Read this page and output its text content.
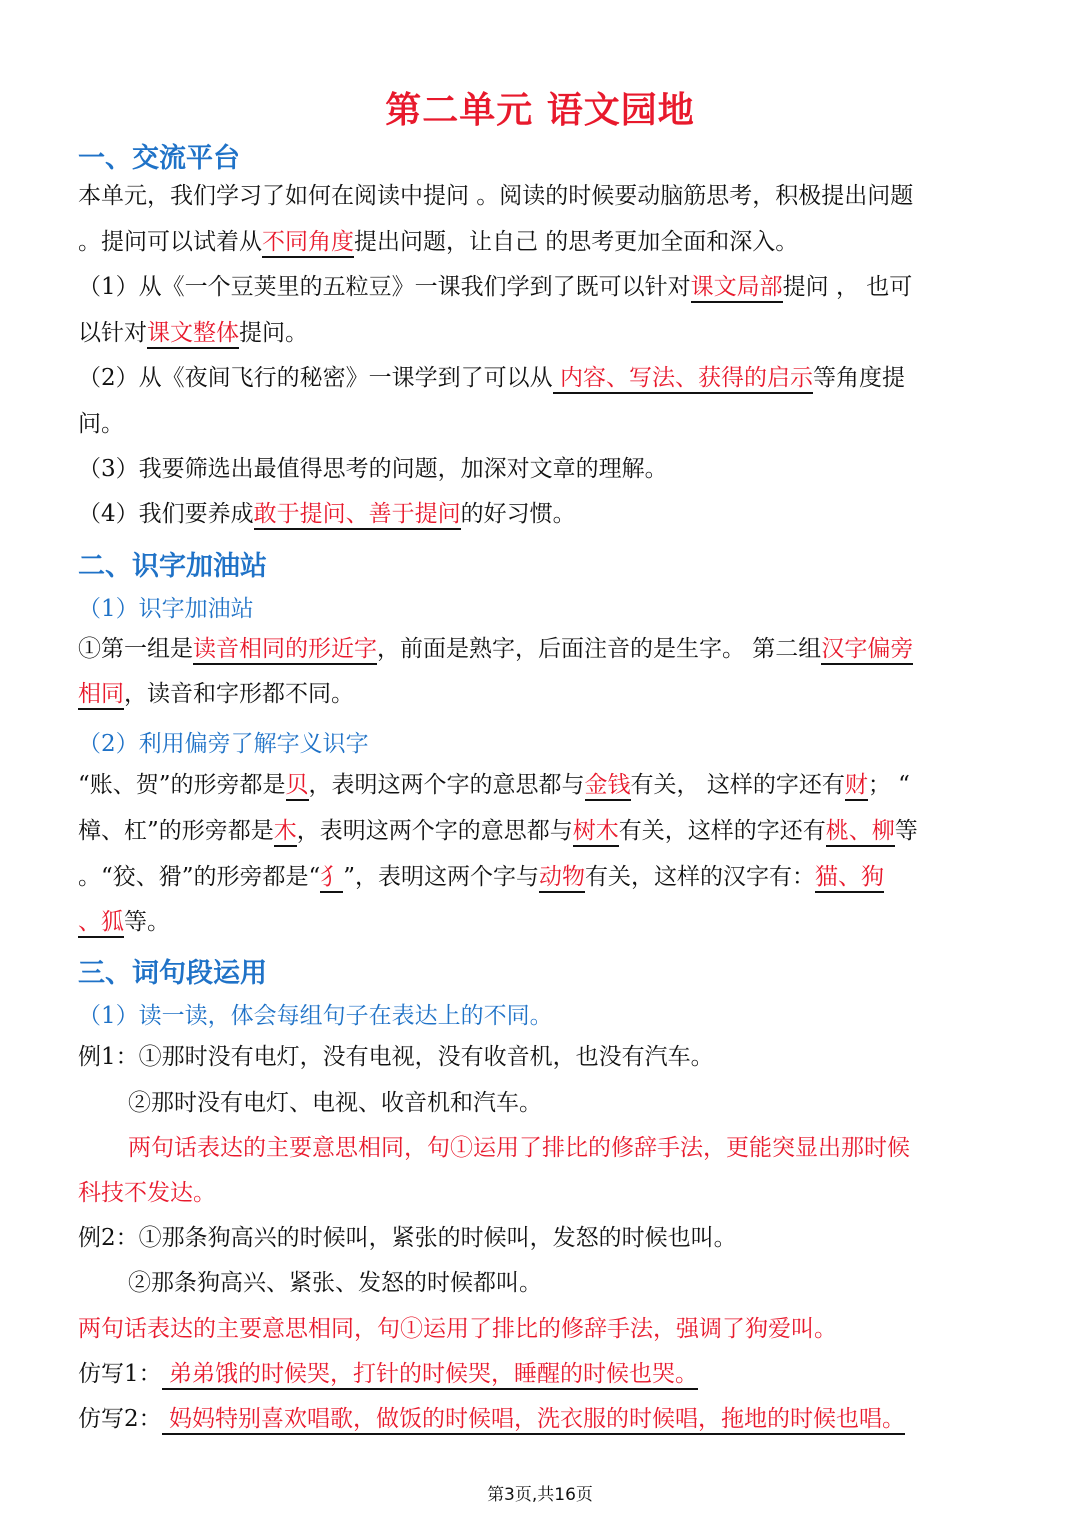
第二单元 语文园地
一、交流平台

本单元，我们学习了如何在阅读中提问 。阅读的时候要动脑筋思考，积极提出问题

。提问可以试着从不同角度提出问题，让自己 的思考更加全面和深入。

（1）从《一个豆荚里的五粒豆》一课我们学到了既可以针对课文局部提问 ， 也可

以针对课文整体提问。

（2）从《夜间飞行的秘密》一课学到了可以从 内容、写法、获得的启示等角度提

问。

（3）我要筛选出最值得思考的问题，加深对文章的理解。

（4）我们要养成敢于提问、善于提问的好习惯。

二、识字加油站

（1）识字加油站

①第一组是读音相同的形近字，前面是熟字，后面注音的是生字。 第二组汉字偏旁

相同，读音和字形都不同。

（2）利用偏旁了解字义识字

“账、贺”的形旁都是贝，表明这两个字的意思都与金钱有关， 这样的字还有财； “

樟、杠”的形旁都是木，表明这两个字的意思都与树木有关，这样的字还有桃、柳等

。“狡、猾”的形旁都是“犭”，表明这两个字与动物有关，这样的汉字有：猫、狗

、狐等。

三、词句段运用

（1）读一读，体会每组句子在表达上的不同。

例1：①那时没有电灯，没有电视，没有收音机，也没有汽车。

②那时没有电灯、电视、收音机和汽车。

两句话表达的主要意思相同，句①运用了排比的修辞手法，更能突显出那时候

科技不发达。

例2：①那条狗高兴的时候叫，紧张的时候叫，发怒的时候也叫。

②那条狗高兴、紧张、发怒的时候都叫。

两句话表达的主要意思相同，句①运用了排比的修辞手法，强调了狗爱叫。

仿写1： 弟弟饿的时候哭，打针的时候哭，睡醒的时候也哭。

仿写2： 妈妈特别喜欢唱歌，做饭的时候唱，洗衣服的时候唱，拖地的时候也唱。

第3页,共16页
